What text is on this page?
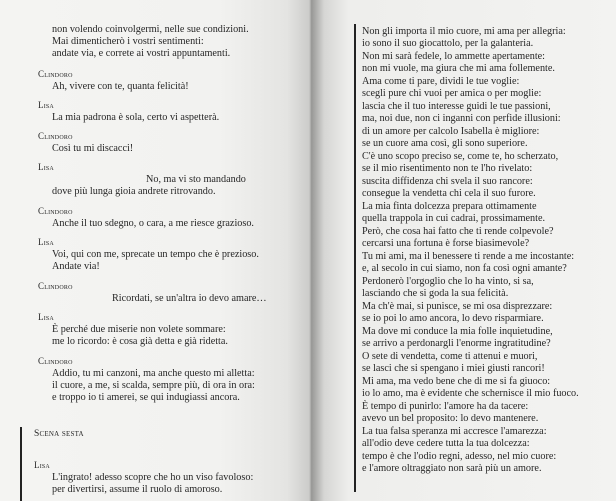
non volendo coinvolgermi, nelle sue condizioni.
Mai dimenticherò i vostri sentimenti:
andate via, e correte ai vostri appuntamenti.
Clindoro
Ah, vivere con te, quanta felicità!
Lisa
La mia padrona è sola, certo vi aspetterà.
Clindoro
Così tu mi discacci!
Lisa
No, ma vi sto mandando
dove più lunga gioia andrete ritrovando.
Clindoro
Anche il tuo sdegno, o cara, a me riesce grazioso.
Lisa
Voi, qui con me, sprecate un tempo che è prezioso.
Andate via!
Clindoro
Ricordati, se un'altra io devo amare…
Lisa
È perché due miserie non volete sommare:
me lo ricordo: è cosa già detta e già ridetta.
Clindoro
Addio, tu mi canzoni, ma anche questo mi alletta:
il cuore, a me, si scalda, sempre più, di ora in ora:
e troppo io ti amerei, se qui indugiassi ancora.
Scena sesta
Lisa
L'ingrato! adesso scopre che ho un viso favoloso:
per divertirsi, assume il ruolo di amoroso.
Non gli importa il mio cuore, mi ama per allegria:
io sono il suo giocattolo, per la galanteria.
Non mi sarà fedele, lo ammette apertamente:
non mi vuole, ma giura che mi ama follemente.
Ama come ti pare, dividi le tue voglie:
scegli pure chi vuoi per amica o per moglie:
lascia che il tuo interesse guidi le tue passioni,
ma, noi due, non ci inganni con perfide illusioni:
di un amore per calcolo Isabella è migliore:
se un cuore ama così, gli sono superiore.
C'è uno scopo preciso se, come te, ho scherzato,
se il mio risentimento non te l'ho rivelato:
suscita diffidenza chi svela il suo rancore:
consegue la vendetta chi cela il suo furore.
La mia finta dolcezza prepara ottimamente
quella trappola in cui cadrai, prossimamente.
Però, che cosa hai fatto che ti rende colpevole?
cercarsi una fortuna è forse biasimevole?
Tu mi ami, ma il benessere ti rende a me incostante:
e, al secolo in cui siamo, non fa così ogni amante?
Perdonerò l'orgoglio che lo ha vinto, si sa,
lasciando che si goda la sua felicità.
Ma ch'è mai, si punisce, se mi osa disprezzare:
se io poi lo amo ancora, lo devo risparmiare.
Ma dove mi conduce la mia folle inquietudine,
se arrivo a perdonargli l'enorme ingratitudine?
O sete di vendetta, come ti attenui e muori,
se lasci che si spengano i miei giusti rancori!
Mi ama, ma vedo bene che di me si fa giuoco:
io lo amo, ma è evidente che schernisce il mio fuoco.
È tempo di punirlo: l'amore ha da tacere:
avevo un bel proposito: lo devo mantenere.
La tua falsa speranza mi accresce l'amarezza:
all'odio deve cedere tutta la tua dolcezza:
tempo è che l'odio regni, adesso, nel mio cuore:
e l'amore oltraggiato non sarà più un amore.
